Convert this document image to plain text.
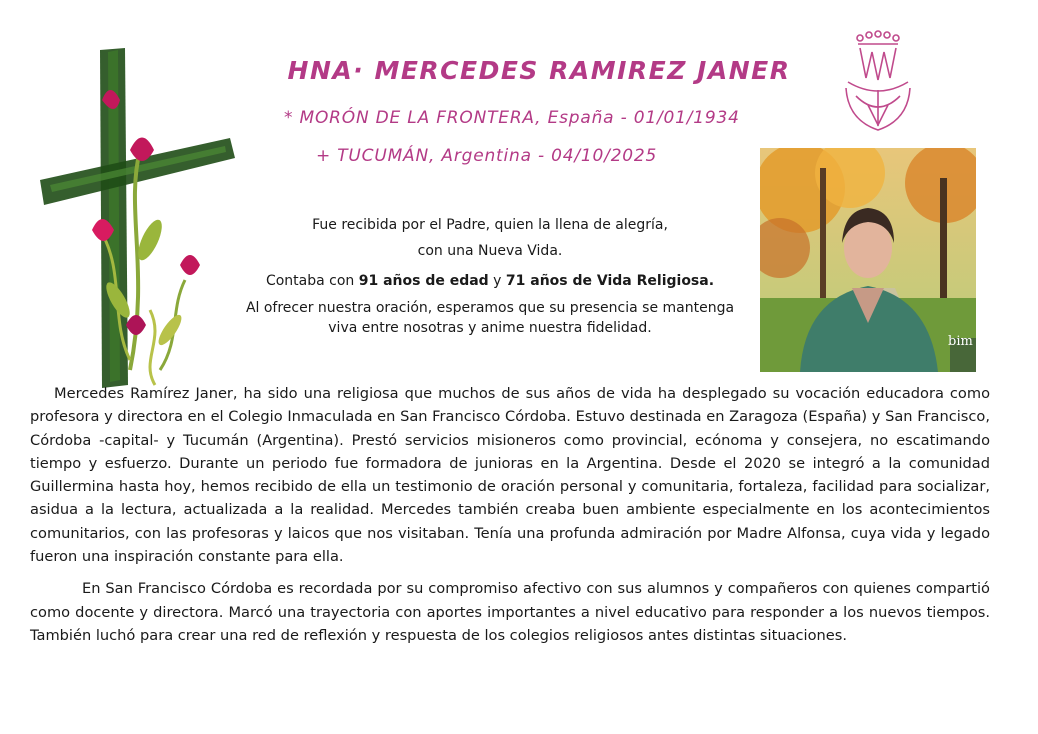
HNA· MERCEDES RAMIREZ JANER
* MORÓN DE LA FRONTERA, España - 01/01/1934
+ TUCUMÁN, Argentina - 04/10/2025

Fue recibida por el Padre, quien la llena de alegría,
con una Nueva Vida.

Contaba con 91 años de edad y 71 años de Vida Religiosa.

Al ofrecer nuestra oración, esperamos que su presencia se mantenga viva entre nosotras y anime nuestra fidelidad.

bim

Mercedes Ramírez Janer, ha sido una religiosa que muchos de sus años de vida ha desplegado su vocación educadora como profesora y directora en el Colegio Inmaculada en San Francisco Córdoba. Estuvo destinada en Zaragoza (España) y San Francisco, Córdoba -capital- y Tucumán (Argentina). Prestó servicios misioneros como provincial, ecónoma y consejera, no escatimando tiempo y esfuerzo. Durante un periodo fue formadora de junioras en la Argentina. Desde el 2020 se integró a la comunidad Guillermina hasta hoy, hemos recibido de ella un testimonio de oración personal y comunitaria, fortaleza, facilidad para socializar, asidua a la lectura, actualizada a la realidad. Mercedes también creaba buen ambiente especialmente en los acontecimientos comunitarios, con las profesoras y laicos que nos visitaban. Tenía una profunda admiración por Madre Alfonsa, cuya vida y legado fueron una inspiración constante para ella.

En San Francisco Córdoba es recordada por su compromiso afectivo con sus alumnos y compañeros con quienes compartió como docente y directora. Marcó una trayectoria con aportes importantes a nivel educativo para responder a los nuevos tiempos. También luchó para crear una red de reflexión y respuesta de los colegios religiosos antes distintas situaciones.
